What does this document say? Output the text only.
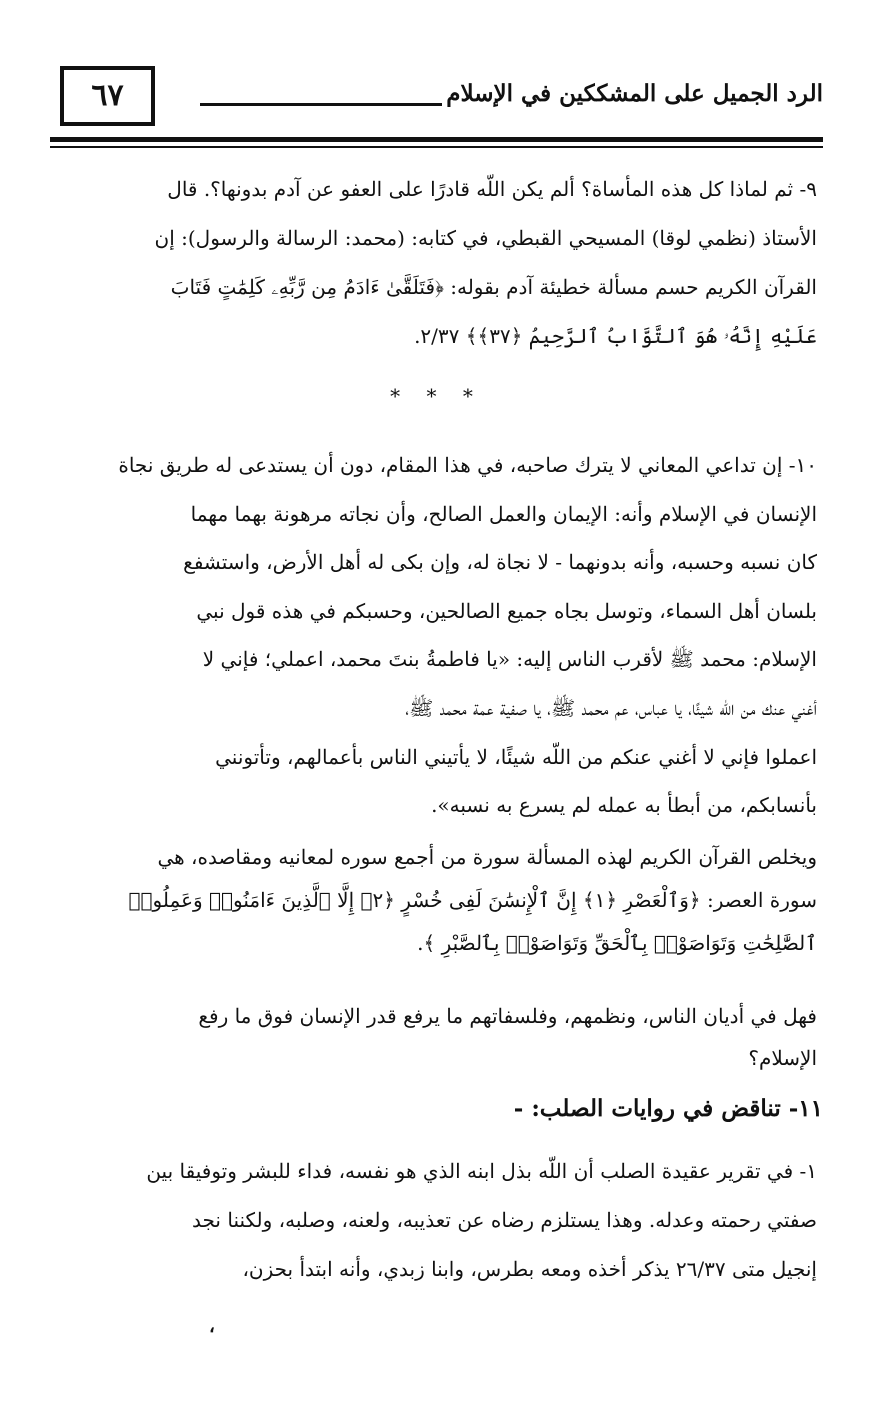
٦٧	الرد الجميل على المشككين في الإسلام
٩- ثم لماذا كل هذه المأساة؟ ألم يكن اللّه قادرًا على العفو عن آدم بدونها؟. قال
الأستاذ (نظمي لوقا) المسيحي القبطي، في كتابه: (محمد: الرسالة والرسول): إن
القرآن الكريم حسم مسألة خطيئة آدم بقوله: ﴿فَتَلَقَّىٰ ءَادَمُ مِن رَّبِّهِۦ كَلِمَٰتٍ فَتَابَ
عَلَيْهِ إِنَّهُۥ هُوَ ٱلتَّوَّابُ ٱلرَّحِيمُ ﴿٣٧﴾﴾ ٢/٣٧.
* * *
١٠- إن تداعي المعاني لا يترك صاحبه، في هذا المقام، دون أن يستدعى له طريق نجاة
الإنسان في الإسلام وأنه: الإيمان والعمل الصالح، وأن نجاته مرهونة بهما مهما
كان نسبه وحسبه، وأنه بدونهما - لا نجاة له، وإن بكى له أهل الأرض، واستشفع
بلسان أهل السماء، وتوسل بجاه جميع الصالحين، وحسبكم في هذه قول نبي
الإسلام: محمد ﷺ لأقرب الناس إليه: «يا فاطمةُ بنتَ محمد، اعملي؛ فإني لا
أغني عنك من اللّه شيئًا، يا عباس، عم محمد ﷺ، يا صفية عمة محمد ﷺ،
اعملوا فإني لا أغني عنكم من اللّه شيئًا، لا يأتيني الناس بأعمالهم، وتأتونني
بأنسابكم، من أبطأ به عمله لم يسرع به نسبه».
ويخلص القرآن الكريم لهذه المسألة سورة من أجمع سوره لمعانيه ومقاصده، هي
سورة العصر: ﴿وَٱلْعَصْرِ ﴿١﴾ إِنَّ ٱلْإِنسَٰنَ لَفِى خُسْرٍ ﴿٢﴾ إِلَّا ٱلَّذِينَ ءَامَنُوا۟ وَعَمِلُوا۟
ٱلصَّٰلِحَٰتِ وَتَوَاصَوْا۟ بِٱلْحَقِّ وَتَوَاصَوْا۟ بِٱلصَّبْرِ ﴾.
فهل في أديان الناس، ونظمهم، وفلسفاتهم ما يرفع قدر الإنسان فوق ما رفع
الإسلام؟
١١- تناقض في روايات الصلب: -
١- في تقرير عقيدة الصلب أن اللّه بذل ابنه الذي هو نفسه، فداء للبشر وتوفيقا بين
صفتي رحمته وعدله. وهذا يستلزم رضاه عن تعذيبه، ولعنه، وصلبه، ولكننا نجد
إنجيل متى ٢٦/٣٧ يذكر أخذه ومعه بطرس، وابنا زبدي، وأنه ابتدأ بحزن،
،
